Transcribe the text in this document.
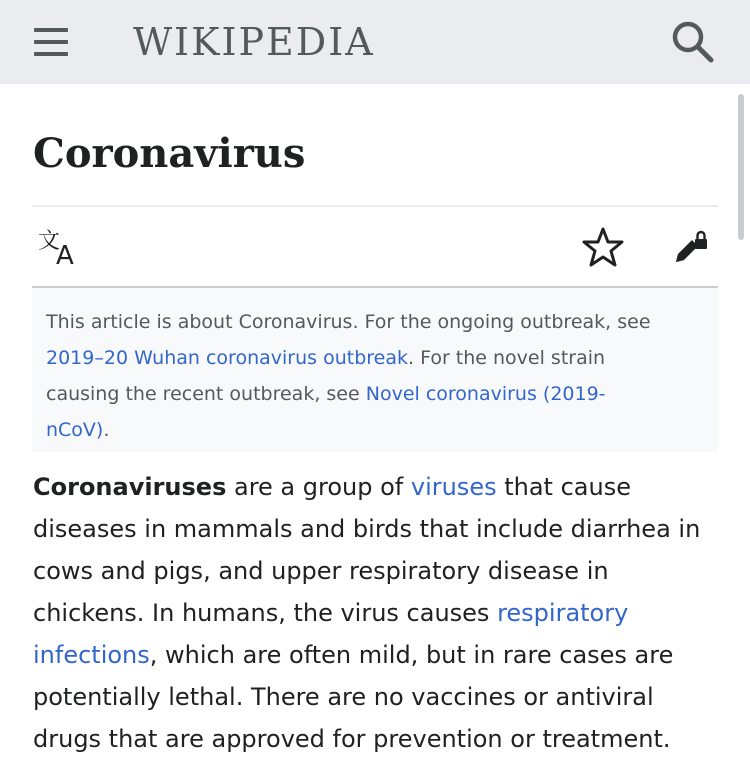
WIKIPEDIA
Coronavirus
文
A
This article is about Coronavirus. For the ongoing outbreak, see
2019–20 Wuhan coronavirus outbreak. For the novel strain
causing the recent outbreak, see Novel coronavirus (2019-
nCoV).
Coronaviruses are a group of viruses that cause
diseases in mammals and birds that include diarrhea in
cows and pigs, and upper respiratory disease in
chickens. In humans, the virus causes respiratory
infections, which are often mild, but in rare cases are
potentially lethal. There are no vaccines or antiviral
drugs that are approved for prevention or treatment.
